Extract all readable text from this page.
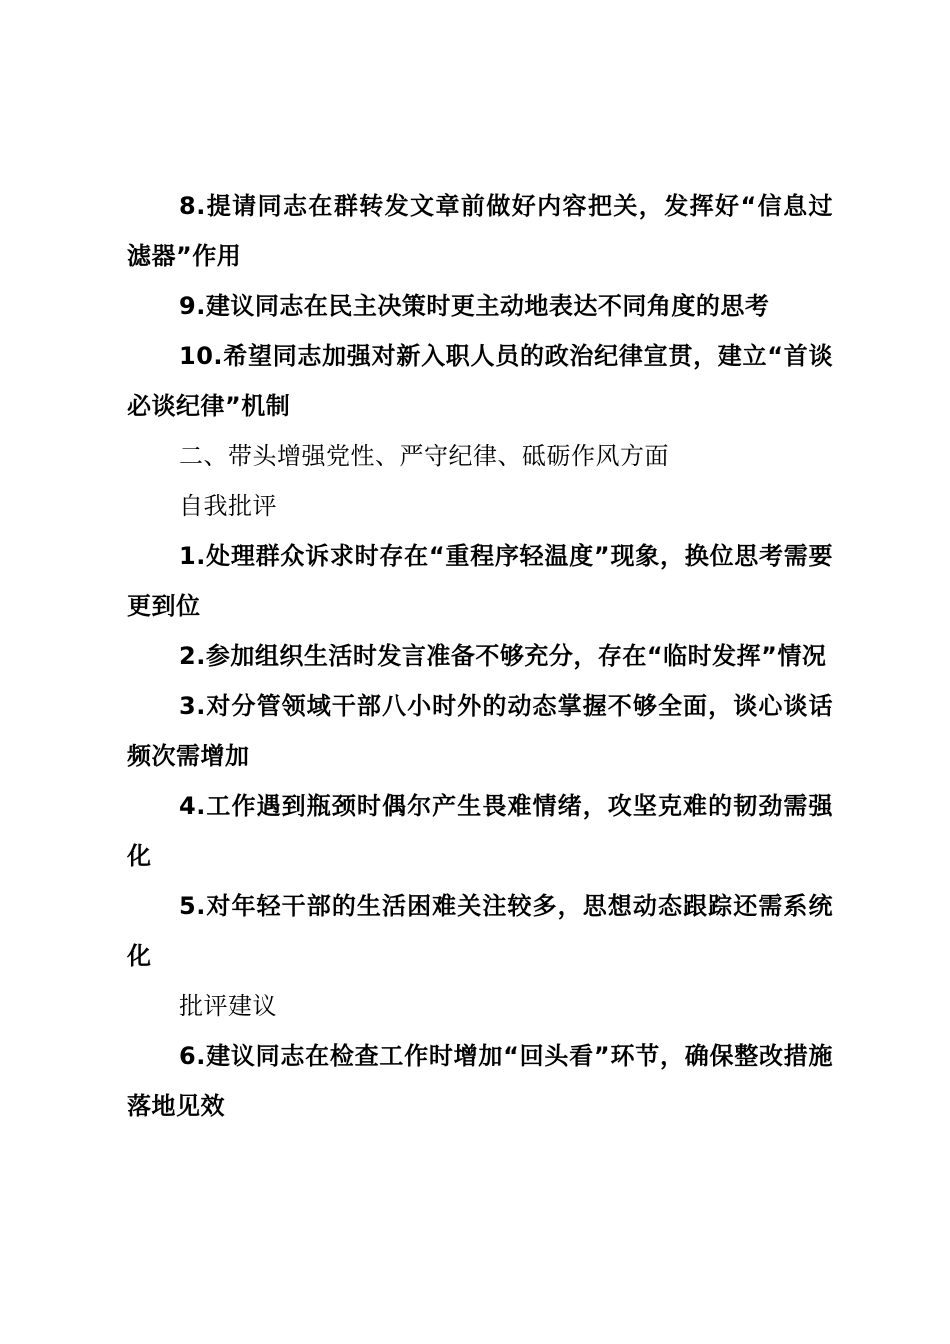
8.提请同志在群转发文章前做好内容把关，发挥好“信息过滤器”作用

9.建议同志在民主决策时更主动地表达不同角度的思考

10.希望同志加强对新入职人员的政治纪律宣贯，建立“首谈必谈纪律”机制

二、带头增强党性、严守纪律、砥砺作风方面

自我批评

1.处理群众诉求时存在“重程序轻温度”现象，换位思考需要更到位

2.参加组织生活时发言准备不够充分，存在“临时发挥”情况

3.对分管领域干部八小时外的动态掌握不够全面，谈心谈话频次需增加

4.工作遇到瓶颈时偶尔产生畏难情绪，攻坚克难的韧劲需强化

5.对年轻干部的生活困难关注较多，思想动态跟踪还需系统化

批评建议

6.建议同志在检查工作时增加“回头看”环节，确保整改措施落地见效
